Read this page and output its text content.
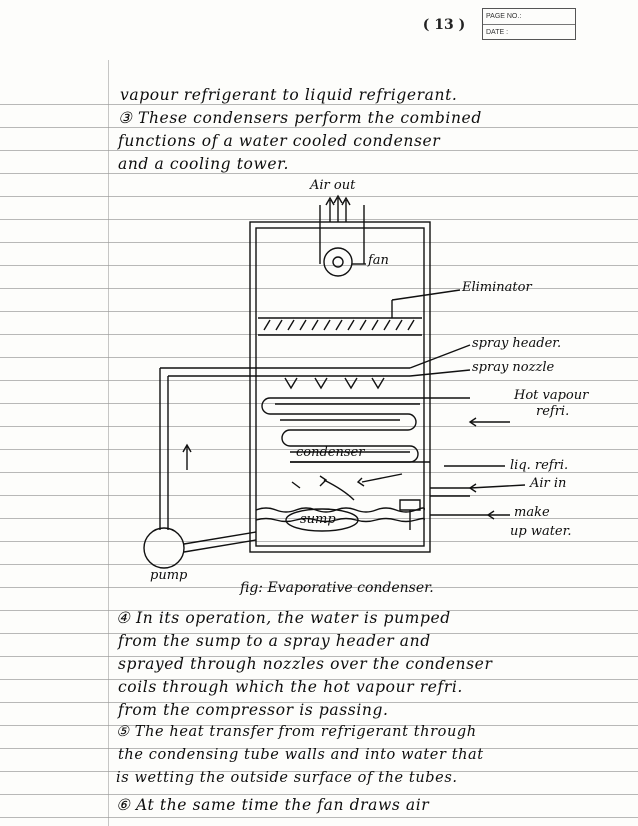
( 13 )
PAGE NO.:
DATE :
vapour refrigerant to liquid refrigerant.
③ These condensers perform the combined
functions of a water cooled condenser
and a cooling tower.
Air out
fan
Eliminator
spray header.
spray nozzle
Hot vapour
refri.
condenser
liq. refri.
Air in
make
up water.
sump
pump
fig: Evaporative condenser.
④ In its operation, the water is pumped
from the sump to a spray header and
sprayed through nozzles over the condenser
coils through which the hot vapour refri.
from the compressor is passing.
⑤ The heat transfer from refrigerant through
the condensing tube walls and into water that
is wetting the outside surface of the tubes.
⑥ At the same time the fan draws air
